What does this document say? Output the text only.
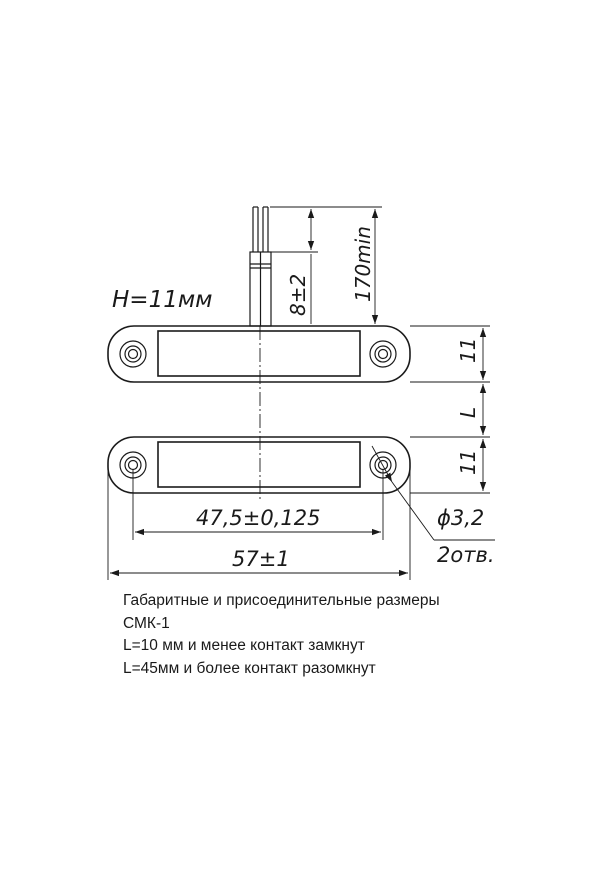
H=11мм	170min
8±2
11
L
11
47,5±0,125
57±1
ϕ3,2
2отв.
Габаритные и присоединительные размеры
СМК-1
L=10 мм и менее контакт замкнут
L=45мм и более контакт разомкнут
